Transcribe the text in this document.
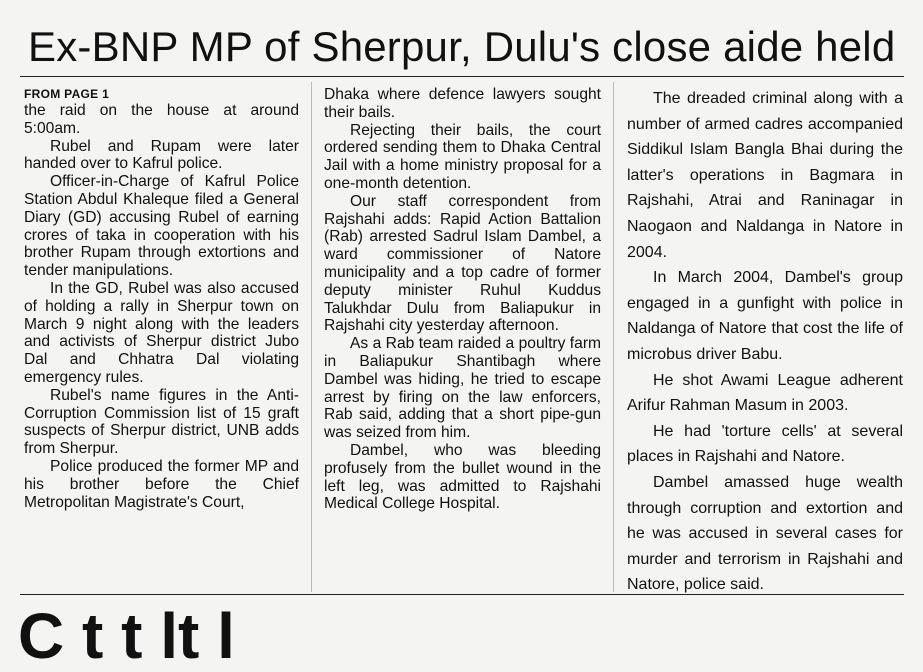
Ex-BNP MP of Sherpur, Dulu's close aide held
FROM PAGE 1

the raid on the house at around 5:00am.

Rubel and Rupam were later handed over to Kafrul police.

Officer-in-Charge of Kafrul Police Station Abdul Khaleque filed a General Diary (GD) accusing Rubel of earning crores of taka in cooperation with his brother Rupam through extortions and tender manipulations.

In the GD, Rubel was also accused of holding a rally in Sherpur town on March 9 night along with the leaders and activists of Sherpur district Jubo Dal and Chhatra Dal violating emergency rules.

Rubel's name figures in the Anti-Corruption Commission list of 15 graft suspects of Sherpur district, UNB adds from Sherpur.

Police produced the former MP and his brother before the Chief Metropolitan Magistrate's Court,

Dhaka where defence lawyers sought their bails.

Rejecting their bails, the court ordered sending them to Dhaka Central Jail with a home ministry proposal for a one-month detention.

Our staff correspondent from Rajshahi adds: Rapid Action Battalion (Rab) arrested Sadrul Islam Dambel, a ward commissioner of Natore municipality and a top cadre of former deputy minister Ruhul Kuddus Talukhdar Dulu from Baliapukur in Rajshahi city yesterday afternoon.

As a Rab team raided a poultry farm in Baliapukur Shantibagh where Dambel was hiding, he tried to escape arrest by firing on the law enforcers, Rab said, adding that a short pipe-gun was seized from him.

Dambel, who was bleeding profusely from the bullet wound in the left leg, was admitted to Rajshahi Medical College Hospital.

The dreaded criminal along with a number of armed cadres accompanied Siddikul Islam Bangla Bhai during the latter's operations in Bagmara in Rajshahi, Atrai and Raninagar in Naogaon and Naldanga in Natore in 2004.

In March 2004, Dambel's group engaged in a gunfight with police in Naldanga of Natore that cost the life of microbus driver Babu.

He shot Awami League adherent Arifur Rahman Masum in 2003.

He had 'torture cells' at several places in Rajshahi and Natore.

Dambel amassed huge wealth through corruption and extortion and he was accused in several cases for murder and terrorism in Rajshahi and Natore, police said.

C t t lt l
